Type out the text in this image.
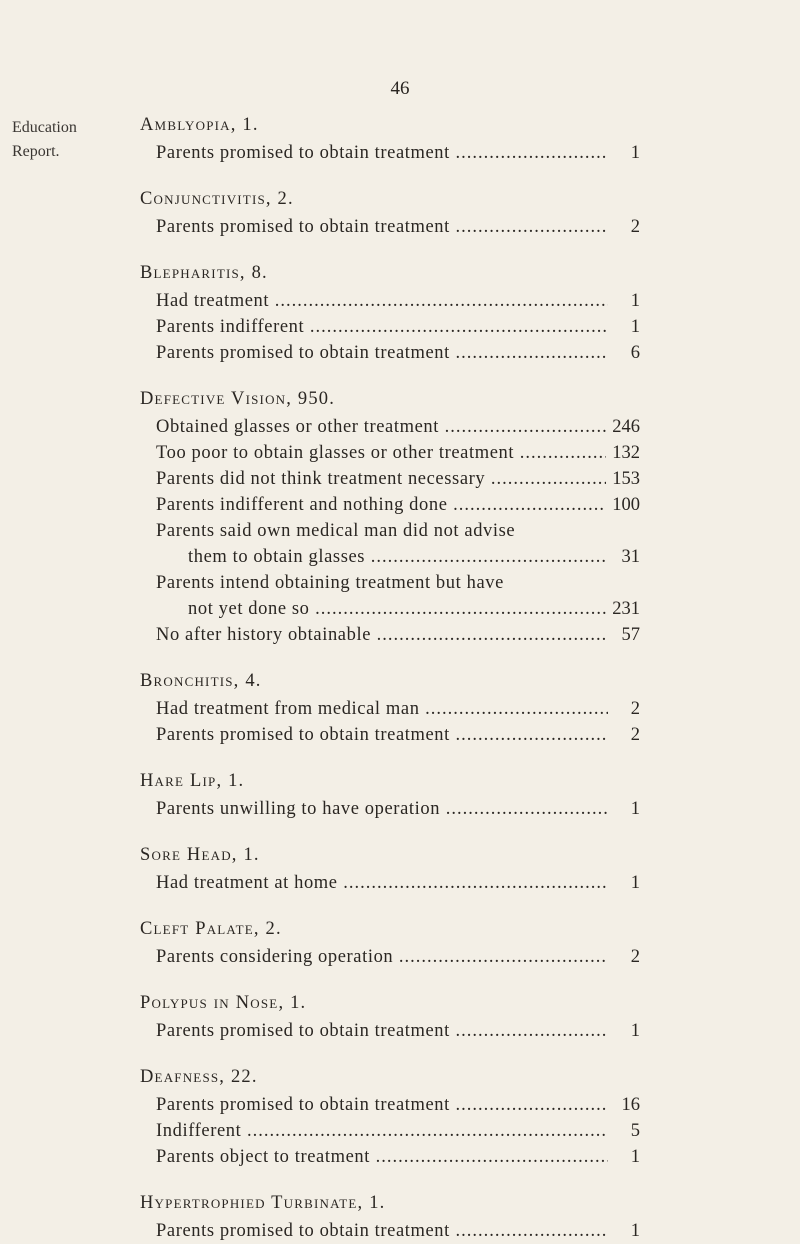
46
Education
Report.
Amblyopia, 1.
Parents promised to obtain treatment .....	1
Conjunctivitis, 2.
Parents promised to obtain treatment .....	2
Blepharitis, 8.
Had treatment .....	1
Parents indifferent .....	1
Parents promised to obtain treatment .....	6
Defective Vision, 950.
Obtained glasses or other treatment .....	246
Too poor to obtain glasses or other treatment .....	132
Parents did not think treatment necessary .....	153
Parents indifferent and nothing done .....	100
Parents said own medical man did not advise
them to obtain glasses .....	31
Parents intend obtaining treatment but have
not yet done so .....	231
No after history obtainable .....	57
Bronchitis, 4.
Had treatment from medical man .....	2
Parents promised to obtain treatment .....	2
Hare Lip, 1.
Parents unwilling to have operation .....	1
Sore Head, 1.
Had treatment at home .....	1
Cleft Palate, 2.
Parents considering operation .....	2
Polypus in Nose, 1.
Parents promised to obtain treatment .....	1
Deafness, 22.
Parents promised to obtain treatment .....	16
Indifferent .....	5
Parents object to treatment .....	1
Hypertrophied Turbinate, 1.
Parents promised to obtain treatment .....	1
